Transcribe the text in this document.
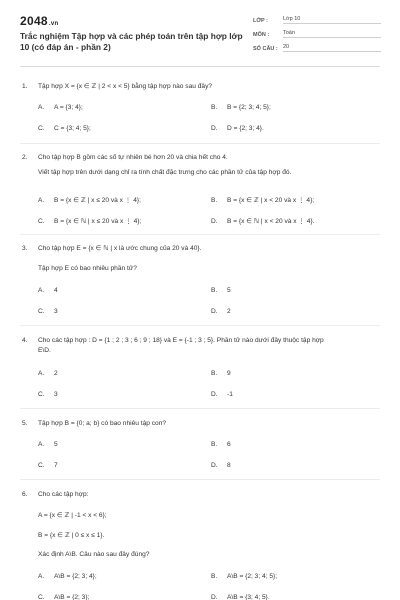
2048.vn
Trắc nghiệm Tập hợp và các phép toán trên tập hợp lớp 10 (có đáp án - phần 2)
LỚP :	Lớp 10
MÔN :	Toán
SỐ CÂU : 20
1. Tập hợp X = {x ∈ ℤ | 2 < x < 5} bằng tập hợp nào sau đây?
A. A = {3; 4};	B. B = {2; 3; 4; 5};
C. C = {3; 4; 5};	D. D = {2; 3; 4}.
2. Cho tập hợp B gồm các số tự nhiên bé hơn 20 và chia hết cho 4.
Viết tập hợp trên dưới dạng chỉ ra tính chất đặc trưng cho các phần tử của tập hợp đó.
A. B = {x ∈ ℤ | x ≤ 20 và x ⋮ 4};	B. B = {x ∈ ℤ | x < 20 và x ⋮ 4};
C. B = {x ∈ ℕ | x ≤ 20 và x ⋮ 4};	D. B = {x ∈ ℕ | x < 20 và x ⋮ 4}.
3. Cho tập hợp E = {x ∈ ℕ | x là ước chung của 20 và 40}.
Tập hợp E có bao nhiêu phần tử?
A. 4	B. 5
C. 3	D. 2
4. Cho các tập hợp : D = {1 ; 2 ; 3 ; 6 ; 9 ; 18} và E = {-1 ; 3 ; 5}. Phần tử nào dưới đây thuộc tập hợp
E\D.
A. 2	B. 9
C. 3	D. -1
5. Tập hợp B = {0; a; b} có bao nhiêu tập con?
A. 5	B. 6
C. 7	D. 8
6. Cho các tập hợp:
A = {x ∈ ℤ | -1 < x < 6};
B = {x ∈ ℤ | 0 ≤ x ≤ 1}.
Xác định A\B. Câu nào sau đây đúng?
A. A\B = {2; 3; 4};	B. A\B = {2; 3; 4; 5};
C. A\B = {2; 3};	D. A\B = {3; 4; 5}.
